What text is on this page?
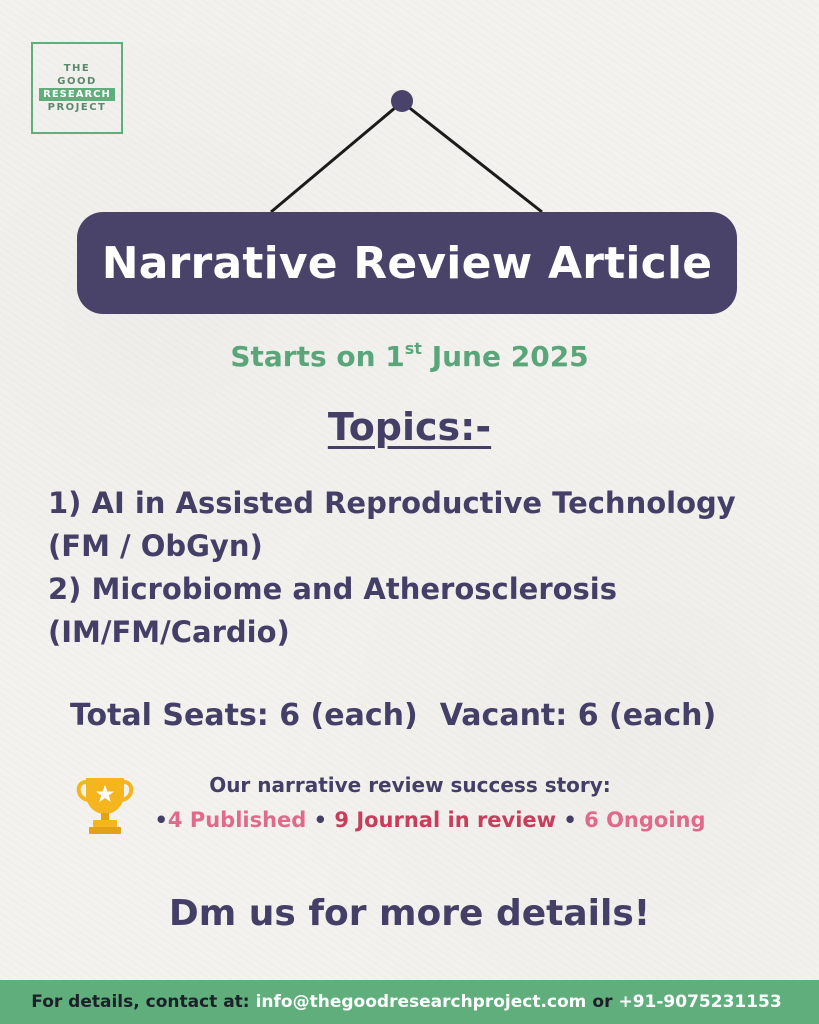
THE
GOOD
RESEARCH
PROJECT
Narrative Review Article
Starts on 1st June 2025
Topics:-
1) AI in Assisted Reproductive Technology
(FM / ObGyn)
2) Microbiome and Atherosclerosis
(IM/FM/Cardio)
Total Seats: 6 (each) Vacant: 6 (each)
Our narrative review success story:
•4 Published • 9 Journal in review • 6 Ongoing
Dm us for more details!
For details, contact at: info@thegoodresearchproject.com or +91-9075231153
